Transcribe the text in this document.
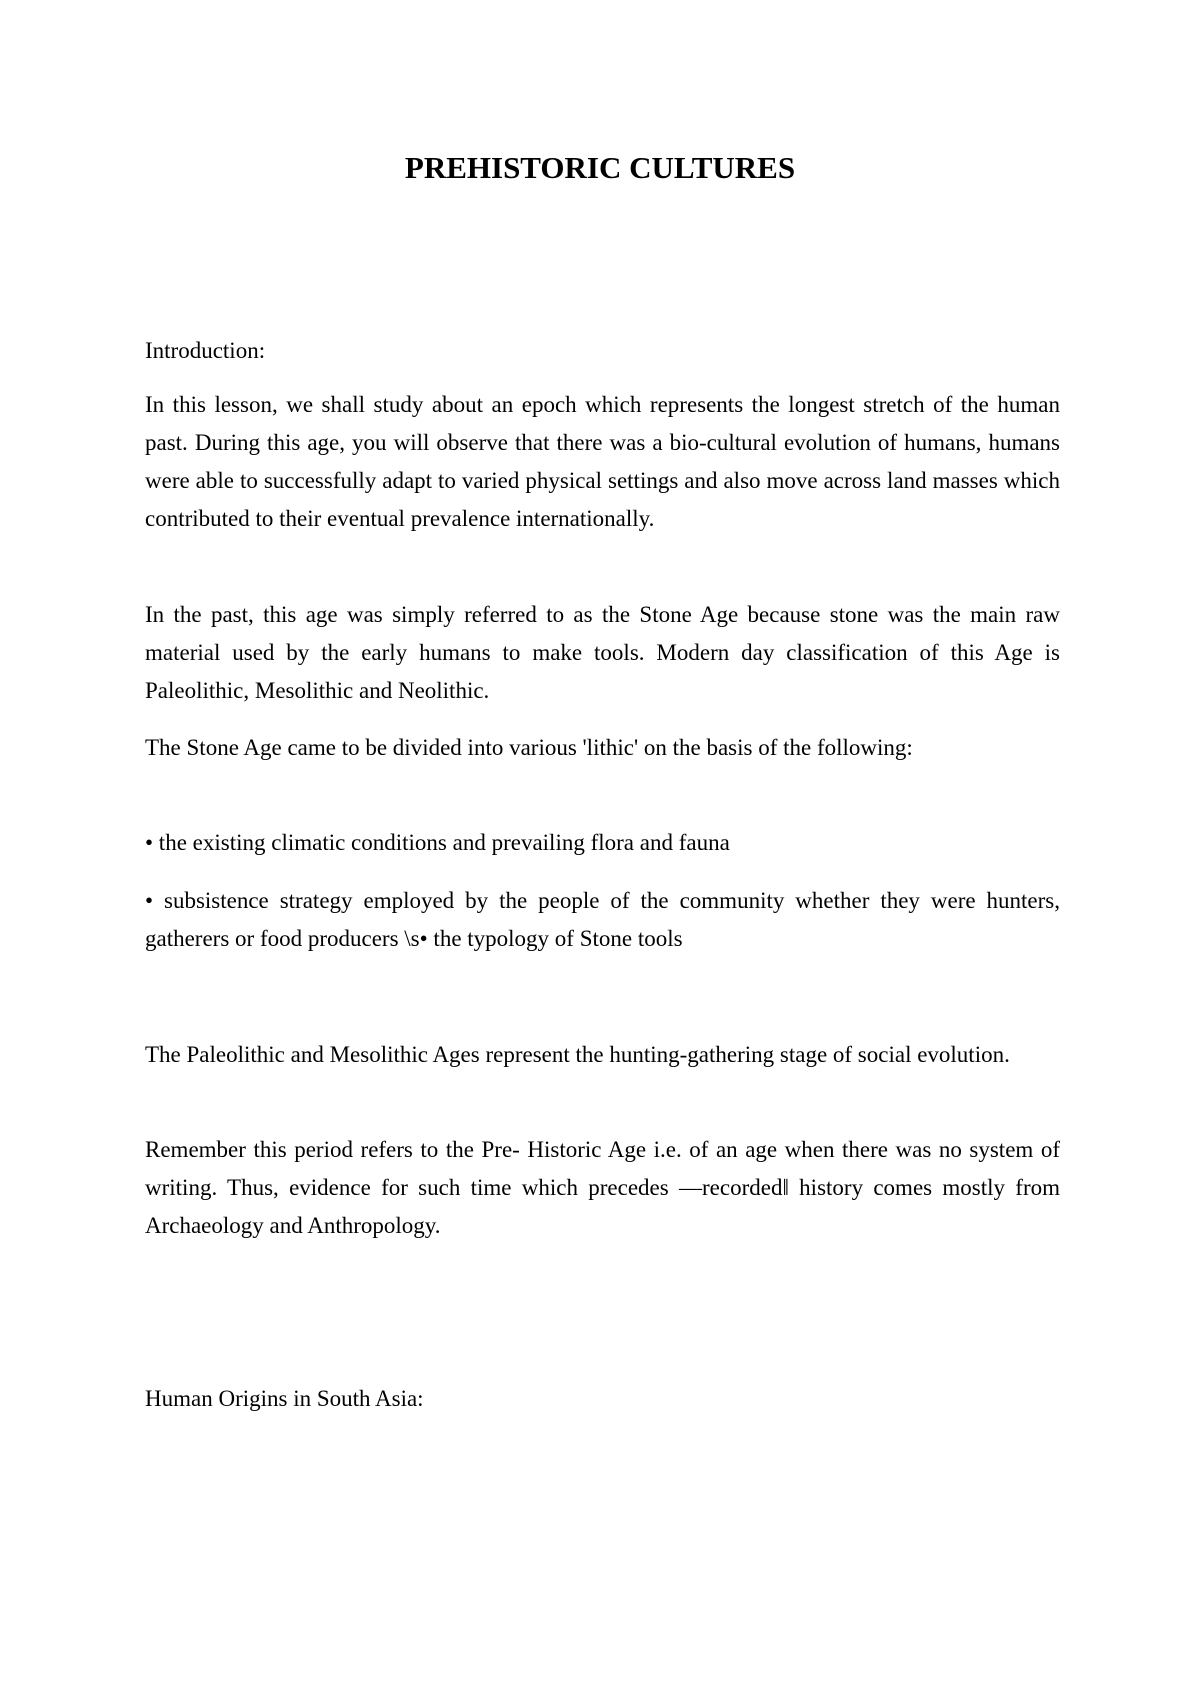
PREHISTORIC CULTURES

Introduction:

In this lesson, we shall study about an epoch which represents the longest stretch of the human past. During this age, you will observe that there was a bio-cultural evolution of humans, humans were able to successfully adapt to varied physical settings and also move across land masses which contributed to their eventual prevalence internationally.

In the past, this age was simply referred to as the Stone Age because stone was the main raw material used by the early humans to make tools. Modern day classification of this Age is Paleolithic, Mesolithic and Neolithic.

The Stone Age came to be divided into various 'lithic' on the basis of the following:

• the existing climatic conditions and prevailing flora and fauna

• subsistence strategy employed by the people of the community whether they were hunters, gatherers or food producers \s• the typology of Stone tools

The Paleolithic and Mesolithic Ages represent the hunting-gathering stage of social evolution.

Remember this period refers to the Pre- Historic Age i.e. of an age when there was no system of writing. Thus, evidence for such time which precedes —recorded‖ history comes mostly from Archaeology and Anthropology.

Human Origins in South Asia:
